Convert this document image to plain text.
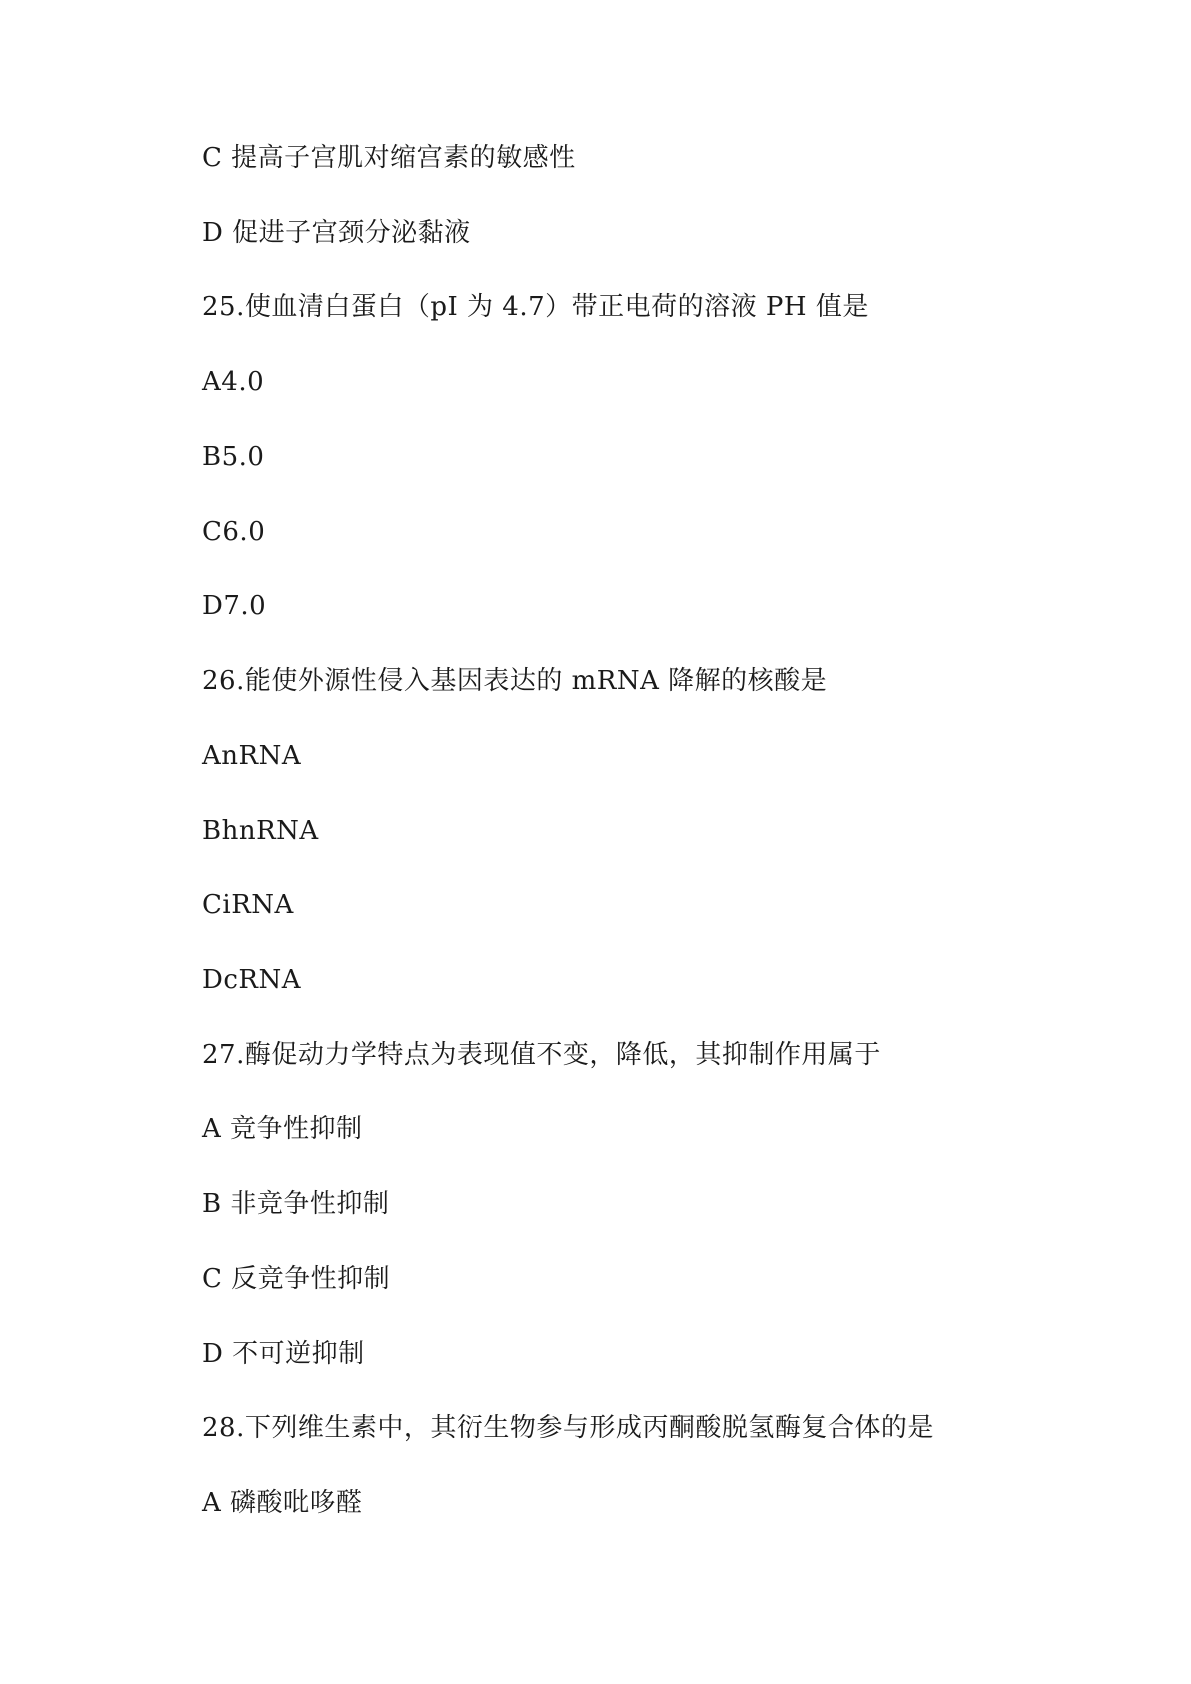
C 提高子宫肌对缩宫素的敏感性
D 促进子宫颈分泌黏液
25.使血清白蛋白（pI 为 4.7）带正电荷的溶液 PH 值是
A4.0
B5.0
C6.0
D7.0
26.能使外源性侵入基因表达的 mRNA 降解的核酸是
AnRNA
BhnRNA
CiRNA
DcRNA
27.酶促动力学特点为表现值不变，降低，其抑制作用属于
A 竞争性抑制
B 非竞争性抑制
C 反竞争性抑制
D 不可逆抑制
28.下列维生素中，其衍生物参与形成丙酮酸脱氢酶复合体的是
A 磷酸吡哆醛
